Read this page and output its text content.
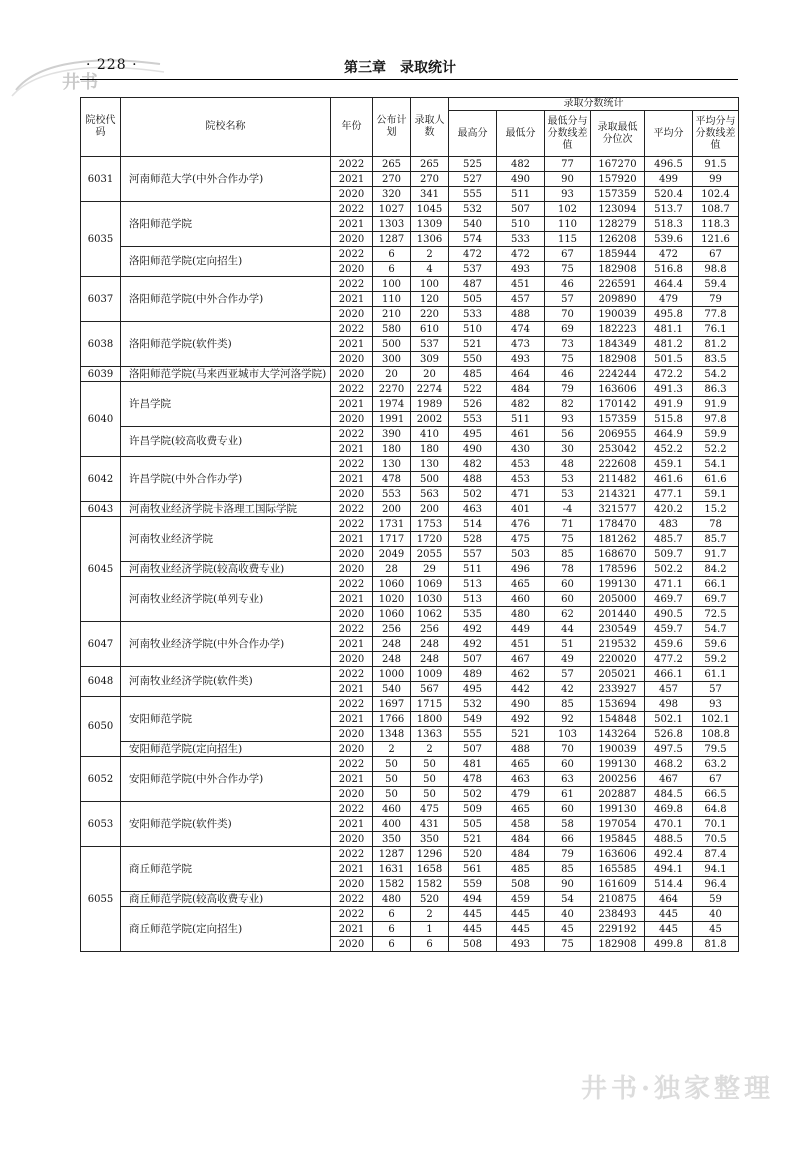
井书
· 228 ·	第三章　录取统计
院校代码	院校名称	年份	公布计划	录取人数	录取分数统计					
					最高分	最低分	最低分与分数线差值	录取最低分位次	平均分	平均分与分数线差值
6031	河南师范大学(中外合作办学)	2022	265	265	525	482	77	167270	496.5	91.5
		2021	270	270	527	490	90	157920	499	99
		2020	320	341	555	511	93	157359	520.4	102.4
6035	洛阳师范学院	2022	1027	1045	532	507	102	123094	513.7	108.7
		2021	1303	1309	540	510	110	128279	518.3	118.3
		2020	1287	1306	574	533	115	126208	539.6	121.6
	洛阳师范学院(定向招生)	2022	6	2	472	472	67	185944	472	67
		2020	6	4	537	493	75	182908	516.8	98.8
6037	洛阳师范学院(中外合作办学)	2022	100	100	487	451	46	226591	464.4	59.4
		2021	110	120	505	457	57	209890	479	79
		2020	210	220	533	488	70	190039	495.8	77.8
6038	洛阳师范学院(软件类)	2022	580	610	510	474	69	182223	481.1	76.1
		2021	500	537	521	473	73	184349	481.2	81.2
		2020	300	309	550	493	75	182908	501.5	83.5
6039	洛阳师范学院(马来西亚城市大学河洛学院)	2020	20	20	485	464	46	224244	472.2	54.2
6040	许昌学院	2022	2270	2274	522	484	79	163606	491.3	86.3
		2021	1974	1989	526	482	82	170142	491.9	91.9
		2020	1991	2002	553	511	93	157359	515.8	97.8
	许昌学院(较高收费专业)	2022	390	410	495	461	56	206955	464.9	59.9
		2021	180	180	490	430	30	253042	452.2	52.2
6042	许昌学院(中外合作办学)	2022	130	130	482	453	48	222608	459.1	54.1
		2021	478	500	488	453	53	211482	461.6	61.6
		2020	553	563	502	471	53	214321	477.1	59.1
6043	河南牧业经济学院卡洛理工国际学院	2022	200	200	463	401	-4	321577	420.2	15.2
6045	河南牧业经济学院	2022	1731	1753	514	476	71	178470	483	78
		2021	1717	1720	528	475	75	181262	485.7	85.7
		2020	2049	2055	557	503	85	168670	509.7	91.7
	河南牧业经济学院(较高收费专业)	2020	28	29	511	496	78	178596	502.2	84.2
	河南牧业经济学院(单列专业)	2022	1060	1069	513	465	60	199130	471.1	66.1
		2021	1020	1030	513	460	60	205000	469.7	69.7
		2020	1060	1062	535	480	62	201440	490.5	72.5
6047	河南牧业经济学院(中外合作办学)	2022	256	256	492	449	44	230549	459.7	54.7
		2021	248	248	492	451	51	219532	459.6	59.6
		2020	248	248	507	467	49	220020	477.2	59.2
6048	河南牧业经济学院(软件类)	2022	1000	1009	489	462	57	205021	466.1	61.1
		2021	540	567	495	442	42	233927	457	57
6050	安阳师范学院	2022	1697	1715	532	490	85	153694	498	93
		2021	1766	1800	549	492	92	154848	502.1	102.1
		2020	1348	1363	555	521	103	143264	526.8	108.8
	安阳师范学院(定向招生)	2020	2	2	507	488	70	190039	497.5	79.5
6052	安阳师范学院(中外合作办学)	2022	50	50	481	465	60	199130	468.2	63.2
		2021	50	50	478	463	63	200256	467	67
		2020	50	50	502	479	61	202887	484.5	66.5
6053	安阳师范学院(软件类)	2022	460	475	509	465	60	199130	469.8	64.8
		2021	400	431	505	458	58	197054	470.1	70.1
		2020	350	350	521	484	66	195845	488.5	70.5
6055	商丘师范学院	2022	1287	1296	520	484	79	163606	492.4	87.4
		2021	1631	1658	561	485	85	165585	494.1	94.1
		2020	1582	1582	559	508	90	161609	514.4	96.4
	商丘师范学院(较高收费专业)	2022	480	520	494	459	54	210875	464	59
	商丘师范学院(定向招生)	2022	6	2	445	445	40	238493	445	40
		2021	6	1	445	445	45	229192	445	45
		2020	6	6	508	493	75	182908	499.8	81.8
井书·独家整理
